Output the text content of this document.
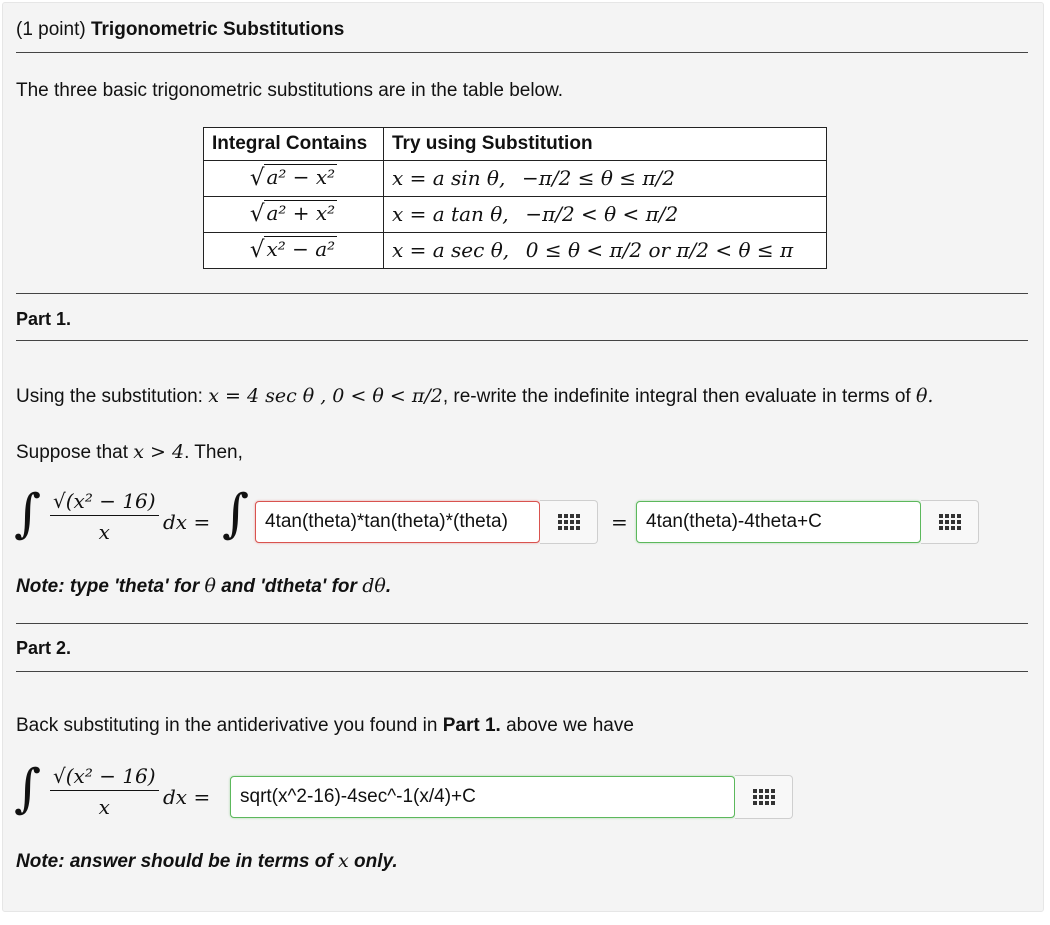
(1 point) Trigonometric Substitutions
The three basic trigonometric substitutions are in the table below.
Integral Contains	Try using Substitution
√ a² − x²	x = a sin θ, −π/2 ≤ θ ≤ π/2
√ a² + x²	x = a tan θ, −π/2 < θ < π/2
√ x² − a²	x = a sec θ, 0 ≤ θ < π/2 or π/2 < θ ≤ π
Part 1.
Using the substitution: x = 4 sec θ , 0 < θ < π/2, re-write the indefinite integral then evaluate in terms of θ.
Suppose that x > 4. Then,
∫ √(x² − 16)
x	dx = ∫ 4tan(theta)*tan(theta)*(theta)	= 4tan(theta)-4theta+C
Note: type 'theta' for θ and 'dtheta' for dθ.
Part 2.
Back substituting in the antiderivative you found in Part 1. above we have
∫ √(x² − 16)
x	dx =	sqrt(x^2-16)-4sec^-1(x/4)+C
Note: answer should be in terms of x only.
